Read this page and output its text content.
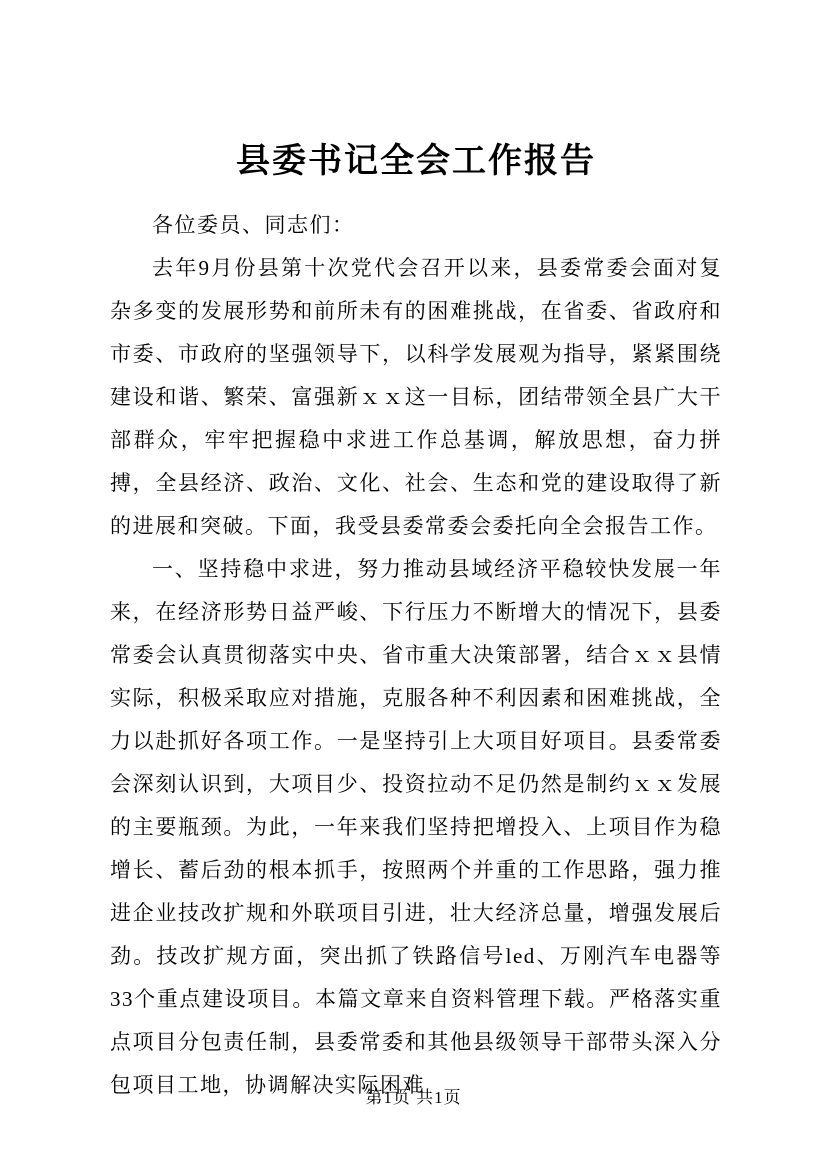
县委书记全会工作报告

各位委员、同志们：

去年9月份县第十次党代会召开以来，县委常委会面对复杂多变的发展形势和前所未有的困难挑战，在省委、省政府和市委、市政府的坚强领导下，以科学发展观为指导，紧紧围绕建设和谐、繁荣、富强新ｘｘ这一目标，团结带领全县广大干部群众，牢牢把握稳中求进工作总基调，解放思想，奋力拼搏，全县经济、政治、文化、社会、生态和党的建设取得了新的进展和突破。下面，我受县委常委会委托向全会报告工作。

一、坚持稳中求进，努力推动县域经济平稳较快发展一年来，在经济形势日益严峻、下行压力不断增大的情况下，县委常委会认真贯彻落实中央、省市重大决策部署，结合ｘｘ县情实际，积极采取应对措施，克服各种不利因素和困难挑战，全力以赴抓好各项工作。一是坚持引上大项目好项目。县委常委会深刻认识到，大项目少、投资拉动不足仍然是制约ｘｘ发展的主要瓶颈。为此，一年来我们坚持把增投入、上项目作为稳增长、蓄后劲的根本抓手，按照两个并重的工作思路，强力推进企业技改扩规和外联项目引进，壮大经济总量，增强发展后劲。技改扩规方面，突出抓了铁路信号led、万刚汽车电器等33个重点建设项目。本篇文章来自资料管理下载。严格落实重点项目分包责任制，县委常委和其他县级领导干部带头深入分包项目工地，协调解决实际困难

第1页 共1页
